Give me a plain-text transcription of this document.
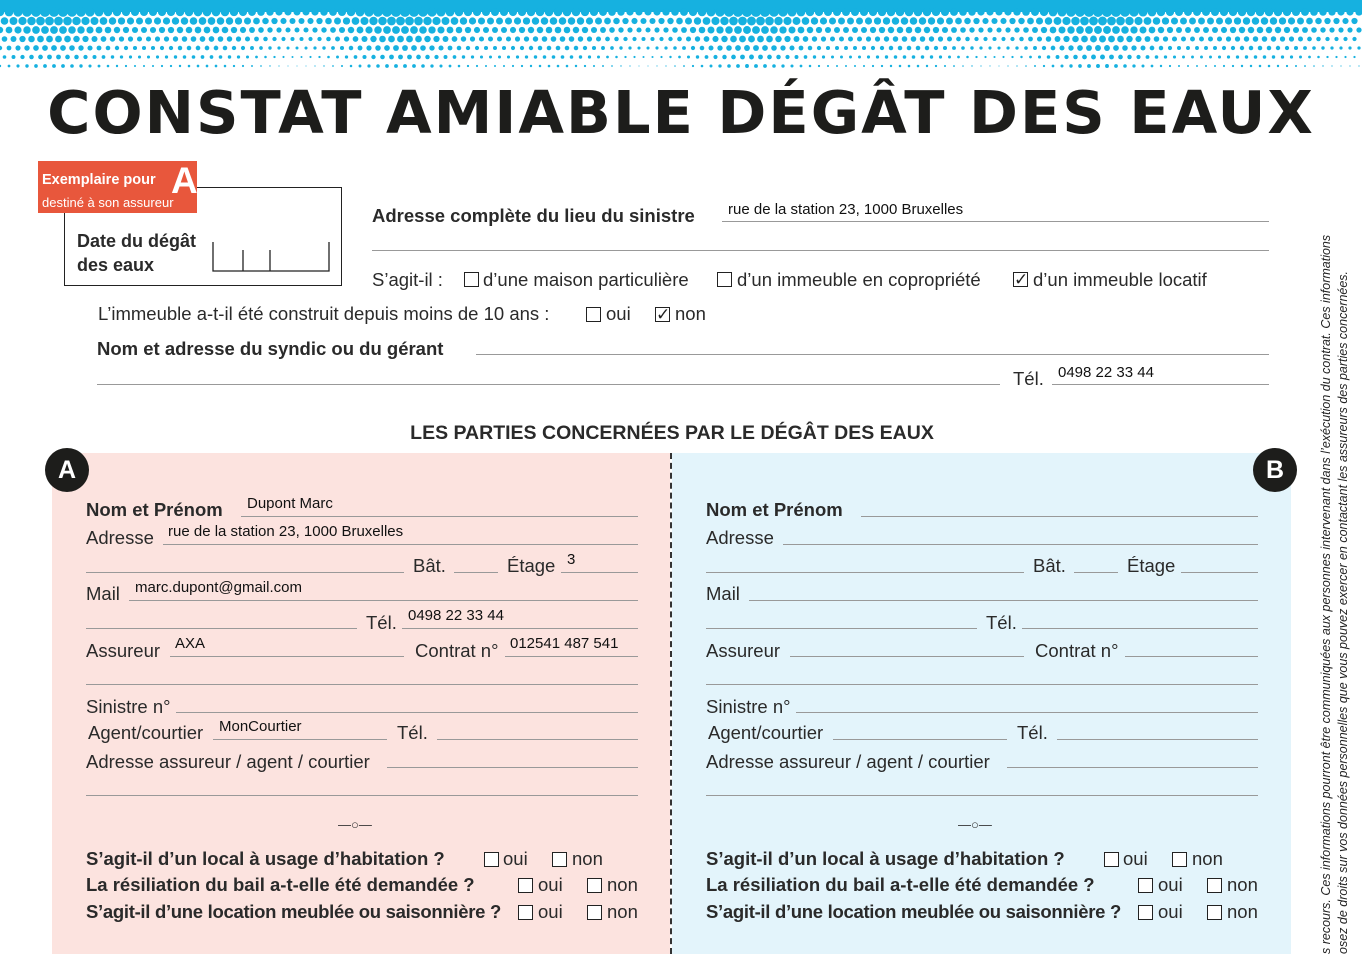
CONSTAT AMIABLE DÉGÂT DES EAUX
Exemplaire pour A
destiné à son assureur
Date du dégât des eaux
Adresse complète du lieu du sinistre rue de la station 23, 1000 Bruxelles
S’agit-il : d’une maison particulière	d’un immeuble en copropriété ✓ d’un immeuble locatif
L’immeuble a-t-il été construit depuis moins de 10 ans :	oui ✓ non
Nom et adresse du syndic ou du gérant
Tél. 0498 22 33 44
LES PARTIES CONCERNÉES PAR LE DÉGÂT DES EAUX
A	B
Nom et Prénom Dupont Marc
Adresse rue de la station 23, 1000 Bruxelles
Bât.	Étage 3
Mail marc.dupont@gmail.com
Tél. 0498 22 33 44
Assureur AXA	Contrat n° 012541 487 541
Sinistre n°
Agent/courtier MonCourtier	Tél.
Adresse assureur / agent / courtier
—○—
S’agit-il d’un local à usage d’habitation ?	oui non
La résiliation du bail a-t-elle été demandée ?	oui non
S’agit-il d’une location meublée ou saisonnière ? oui non
Nom et Prénom
Adresse
Bât.	Étage
Mail
Tél.
Assureur	Contrat n°
Sinistre n°
Agent/courtier	Tél.
Adresse assureur / agent / courtier
—○—
S’agit-il d’un local à usage d’habitation ?	oui non
La résiliation du bail a-t-elle été demandée ?	oui non
S’agit-il d’une location meublée ou saisonnière ? oui non	s recours. Ces informations pourront être communiquées aux personnes intervenant dans l’exécution du contrat. Ces informations osez de droits sur vos données personnelles que vous pouvez exercer en contactant les assureurs des parties concernées.
